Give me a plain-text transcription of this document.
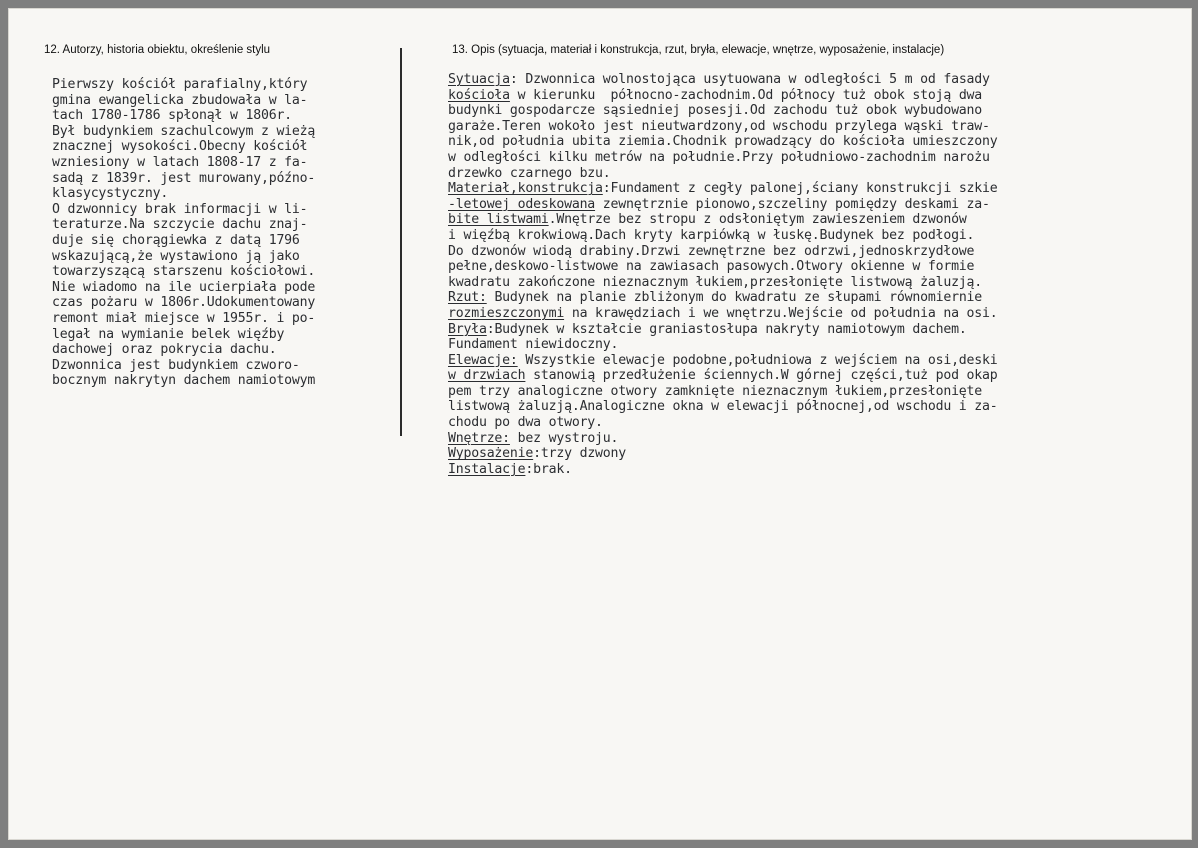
12. Autorzy, historia obiektu, określenie stylu	13. Opis (sytuacja, materiał i konstrukcja, rzut, bryła, elewacje, wnętrze, wyposażenie, instalacje)
Pierwszy kościół parafialny,który
gmina ewangelicka zbudowała w la-
tach 1780-1786 spłonął w 1806r.
Był budynkiem szachulcowym z wieżą
znacznej wysokości.Obecny kościół
wzniesiony w latach 1808-17 z fa-
sadą z 1839r. jest murowany,późno-
klasycystyczny.
O dzwonnicy brak informacji w li-
teraturze.Na szczycie dachu znaj-
duje się chorągiewka z datą 1796
wskazującą,że wystawiono ją jako
towarzyszącą starszenu kościołowi.
Nie wiadomo na ile ucierpiała pode
czas pożaru w 1806r.Udokumentowany
remont miał miejsce w 1955r. i po-
legał na wymianie belek więźby
dachowej oraz pokrycia dachu.
Dzwonnica jest budynkiem czworo-
bocznym nakrytyn dachem namiotowym
Sytuacja: Dzwonnica wolnostojąca usytuowana w odległości 5 m od fasady
kościoła w kierunku  północno-zachodnim.Od północy tuż obok stoją dwa
budynki gospodarcze sąsiedniej posesji.Od zachodu tuż obok wybudowano
garaże.Teren wokoło jest nieutwardzony,od wschodu przylega wąski traw-
nik,od południa ubita ziemia.Chodnik prowadzący do kościoła umieszczony
w odległości kilku metrów na południe.Przy południowo-zachodnim narożu
drzewko czarnego bzu.
Materiał,konstrukcja:Fundament z cegły palonej,ściany konstrukcji szkie
-letowej odeskowana zewnętrznie pionowo,szczeliny pomiędzy deskami za-
bite listwami.Wnętrze bez stropu z odsłoniętym zawieszeniem dzwonów
i więźbą krokwiową.Dach kryty karpiówką w łuskę.Budynek bez podłogi.
Do dzwonów wiodą drabiny.Drzwi zewnętrzne bez odrzwi,jednoskrzydłowe
pełne,deskowo-listwowe na zawiasach pasowych.Otwory okienne w formie
kwadratu zakończone nieznacznym łukiem,przesłonięte listwową żaluzją.
Rzut: Budynek na planie zbliżonym do kwadratu ze słupami równomiernie
rozmieszczonymi na krawędziach i we wnętrzu.Wejście od południa na osi.
Bryła:Budynek w kształcie graniastosłupa nakryty namiotowym dachem.
Fundament niewidoczny.
Elewacje: Wszystkie elewacje podobne,południowa z wejściem na osi,deski
w drzwiach stanowią przedłużenie ściennych.W górnej części,tuż pod okap
pem trzy analogiczne otwory zamknięte nieznacznym łukiem,przesłonięte
listwową żaluzją.Analogiczne okna w elewacji północnej,od wschodu i za-
chodu po dwa otwory.
Wnętrze: bez wystroju.
Wyposażenie:trzy dzwony
Instalacje:brak.
